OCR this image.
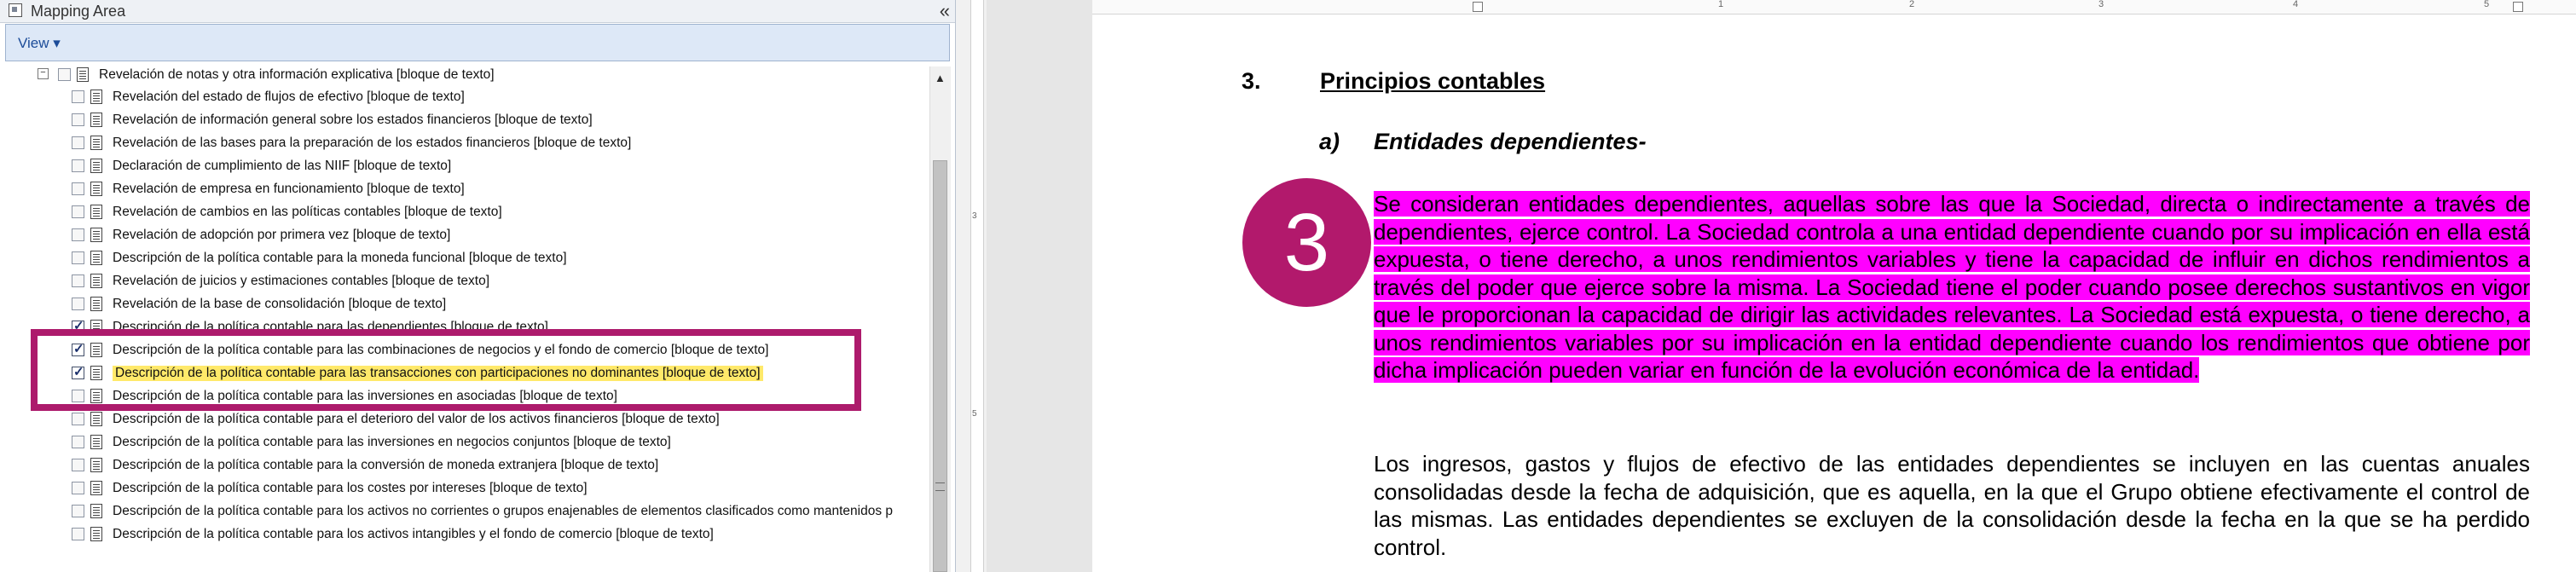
Mapping Area	«
View ▾
−	Revelación de notas y otra información explicativa [bloque de texto]
Revelación del estado de flujos de efectivo [bloque de texto]
Revelación de información general sobre los estados financieros [bloque de texto]
Revelación de las bases para la preparación de los estados financieros [bloque de texto]
Declaración de cumplimiento de las NIIF [bloque de texto]
Revelación de empresa en funcionamiento [bloque de texto]
Revelación de cambios en las políticas contables [bloque de texto]
Revelación de adopción por primera vez [bloque de texto]
Descripción de la política contable para la moneda funcional [bloque de texto]
Revelación de juicios y estimaciones contables [bloque de texto]
Revelación de la base de consolidación [bloque de texto]
✓
Descripción de la política contable para las dependientes [bloque de texto]
✓
Descripción de la política contable para las combinaciones de negocios y el fondo de comercio [bloque de texto]
✓
Descripción de la política contable para las transacciones con participaciones no dominantes [bloque de texto]
Descripción de la política contable para las inversiones en asociadas [bloque de texto]
Descripción de la política contable para el deterioro del valor de los activos financieros [bloque de texto]
Descripción de la política contable para las inversiones en negocios conjuntos [bloque de texto]
Descripción de la política contable para la conversión de moneda extranjera [bloque de texto]
Descripción de la política contable para los costes por intereses [bloque de texto]
Descripción de la política contable para los activos no corrientes o grupos enajenables de elementos clasificados como mantenidos p
Descripción de la política contable para los activos intangibles y el fondo de comercio [bloque de texto]
▲
3
5
1	2	3	4	5
3.	Principios contables
a) Entidades dependientes-
3	Se consideran entidades dependientes, aquellas sobre las que la Sociedad, directa o indirectamente a través de dependientes, ejerce control. La Sociedad controla a una entidad dependiente cuando por su implicación en ella está expuesta, o tiene derecho, a unos rendimientos variables y tiene la capacidad de influir en dichos rendimientos a través del poder que ejerce sobre la misma. La Sociedad tiene el poder cuando posee derechos sustantivos en vigor que le proporcionan la capacidad de dirigir las actividades relevantes. La Sociedad está expuesta, o tiene derecho, a unos rendimientos variables por su implicación en la entidad dependiente cuando los rendimientos que obtiene por dicha implicación pueden variar en función de la evolución económica de la entidad.
Los ingresos, gastos y flujos de efectivo de las entidades dependientes se incluyen en las cuentas anuales consolidadas desde la fecha de adquisición, que es aquella, en la que el Grupo obtiene efectivamente el control de las mismas. Las entidades dependientes se excluyen de la consolidación desde la fecha en la que se ha perdido control.
